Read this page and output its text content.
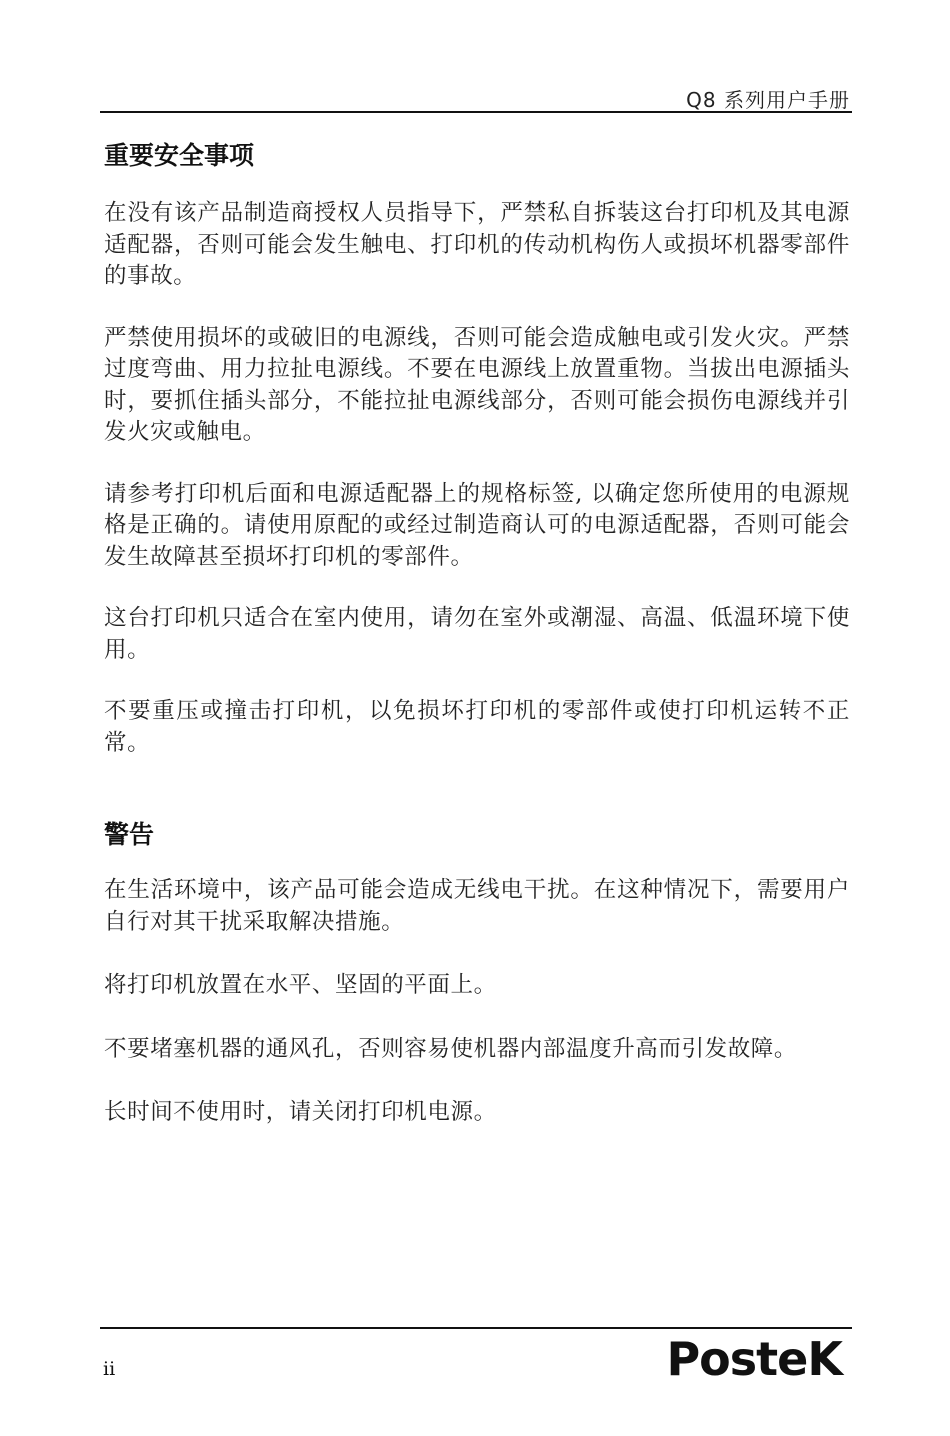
Q8 系列用户手册
重要安全事项

在没有该产品制造商授权人员指导下，严禁私自拆装这台打印机及其电源适配器，否则可能会发生触电、打印机的传动机构伤人或损坏机器零部件的事故。

严禁使用损坏的或破旧的电源线，否则可能会造成触电或引发火灾。严禁过度弯曲、用力拉扯电源线。不要在电源线上放置重物。当拔出电源插头时，要抓住插头部分，不能拉扯电源线部分，否则可能会损伤电源线并引发火灾或触电。

请参考打印机后面和电源适配器上的规格标签, 以确定您所使用的电源规格是正确的。请使用原配的或经过制造商认可的电源适配器，否则可能会发生故障甚至损坏打印机的零部件。

这台打印机只适合在室内使用，请勿在室外或潮湿、高温、低温环境下使用。

不要重压或撞击打印机，以免损坏打印机的零部件或使打印机运转不正常。

警告

在生活环境中，该产品可能会造成无线电干扰。在这种情况下，需要用户自行对其干扰采取解决措施。

将打印机放置在水平、坚固的平面上。

不要堵塞机器的通风孔，否则容易使机器内部温度升高而引发故障。

长时间不使用时，请关闭打印机电源。

ii	PosteK
